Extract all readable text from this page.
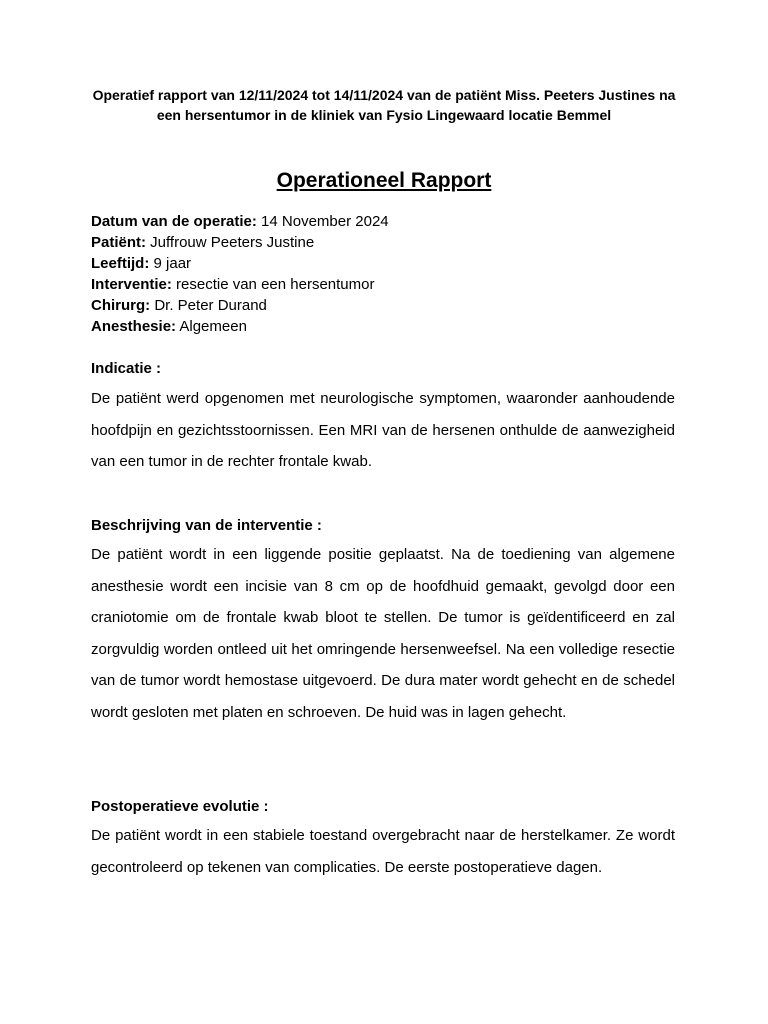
Operatief rapport van 12/11/2024 tot 14/11/2024 van de patiënt Miss. Peeters Justines na een hersentumor in de kliniek van Fysio Lingewaard locatie Bemmel
Operationeel Rapport
Datum van de operatie: 14 November 2024
Patiënt: Juffrouw Peeters Justine
Leeftijd: 9 jaar
Interventie: resectie van een hersentumor
Chirurg: Dr. Peter Durand
Anesthesie: Algemeen
Indicatie :
De patiënt werd opgenomen met neurologische symptomen, waaronder aanhoudende hoofdpijn en gezichtsstoornissen. Een MRI van de hersenen onthulde de aanwezigheid van een tumor in de rechter frontale kwab.
Beschrijving van de interventie :
De patiënt wordt in een liggende positie geplaatst. Na de toediening van algemene anesthesie wordt een incisie van 8 cm op de hoofdhuid gemaakt, gevolgd door een craniotomie om de frontale kwab bloot te stellen. De tumor is geïdentificeerd en zal zorgvuldig worden ontleed uit het omringende hersenweefsel. Na een volledige resectie van de tumor wordt hemostase uitgevoerd. De dura mater wordt gehecht en de schedel wordt gesloten met platen en schroeven. De huid was in lagen gehecht.
Postoperatieve evolutie :
De patiënt wordt in een stabiele toestand overgebracht naar de herstelkamer. Ze wordt gecontroleerd op tekenen van complicaties. De eerste postoperatieve dagen.
